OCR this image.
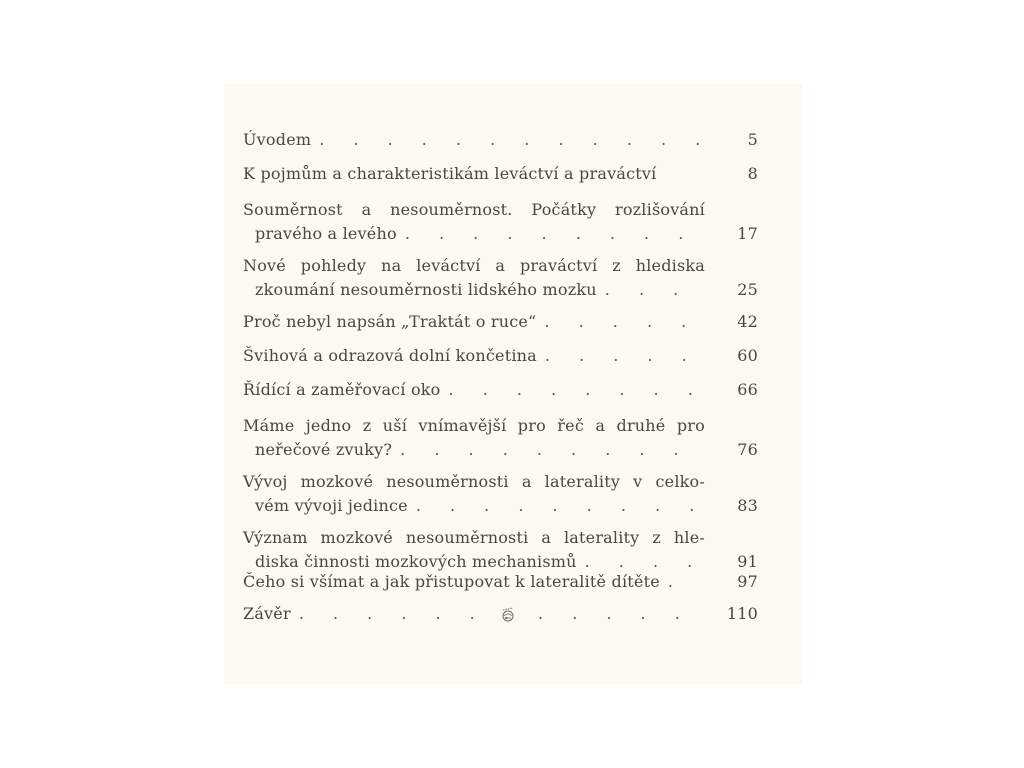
Úvodem . . .	5
K pojmům a charakteristikám leváctví a praváctví	8
Souměrnost a nesouměrnost. Počátky rozlišování
pravého a levého . . .	17
Nové pohledy na leváctví a praváctví z hlediska
zkoumání nesouměrnosti lidského mozku . . .	25
Proč nebyl napsán „Traktát o ruce“ . . .	42
Švihová a odrazová dolní končetina . . .	60
Řídící a zaměřovací oko . . .	66
Máme jedno z uší vnímavější pro řeč a druhé pro
neřečové zvuky? . . .	76
Vývoj mozkové nesouměrnosti a laterality v celko-
vém vývoji jedince . . .	83
Význam mozkové nesouměrnosti a laterality z hle-
diska činnosti mozkových mechanismů . . .	91
Čeho si všímat a jak přistupovat k lateralitě dítěte . . .	97
Závěr . . .	110
